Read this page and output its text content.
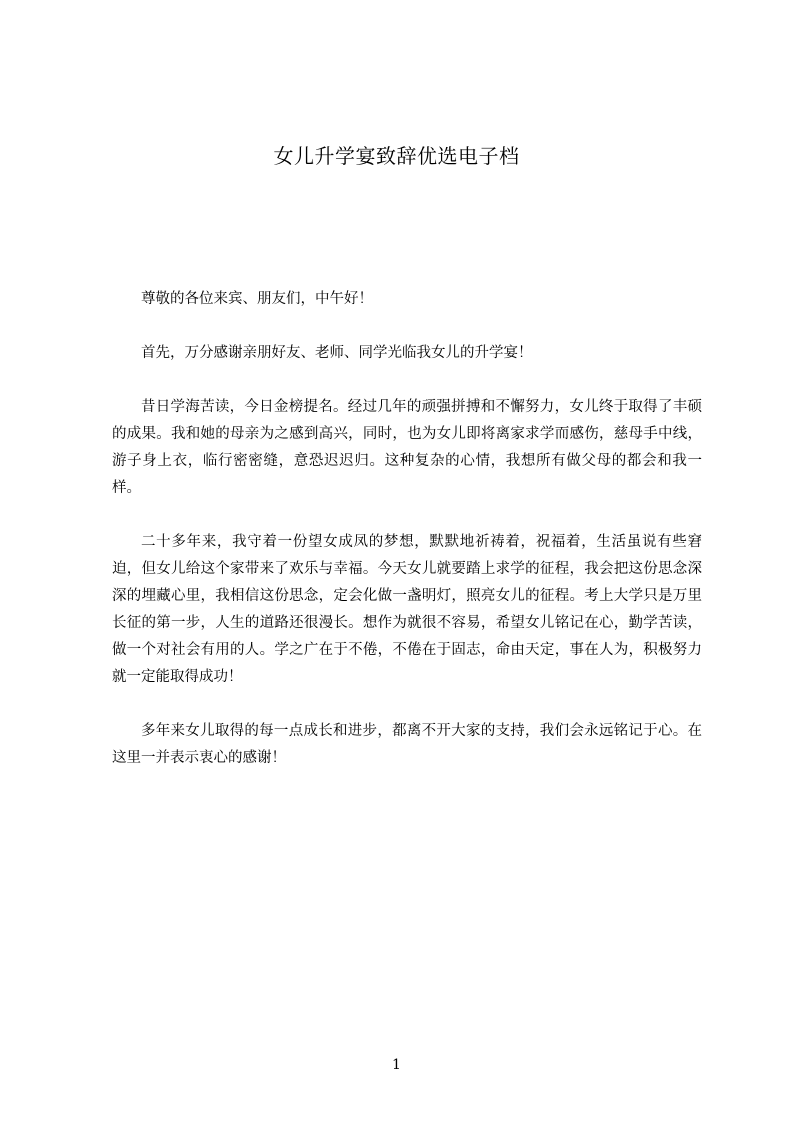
女儿升学宴致辞优选电子档

尊敬的各位来宾、朋友们，中午好！

首先，万分感谢亲朋好友、老师、同学光临我女儿的升学宴！

昔日学海苦读，今日金榜提名。经过几年的顽强拼搏和不懈努力，女儿终于取得了丰硕的成果。我和她的母亲为之感到高兴，同时，也为女儿即将离家求学而感伤，慈母手中线，游子身上衣，临行密密缝，意恐迟迟归。这种复杂的心情，我想所有做父母的都会和我一样。

二十多年来，我守着一份望女成凤的梦想，默默地祈祷着，祝福着，生活虽说有些窘迫，但女儿给这个家带来了欢乐与幸福。今天女儿就要踏上求学的征程，我会把这份思念深深的埋藏心里，我相信这份思念，定会化做一盏明灯，照亮女儿的征程。考上大学只是万里长征的第一步，人生的道路还很漫长。想作为就很不容易，希望女儿铭记在心，勤学苦读，做一个对社会有用的人。学之广在于不倦，不倦在于固志，命由天定，事在人为，积极努力就一定能取得成功！

多年来女儿取得的每一点成长和进步，都离不开大家的支持，我们会永远铭记于心。在这里一并表示衷心的感谢！

1
